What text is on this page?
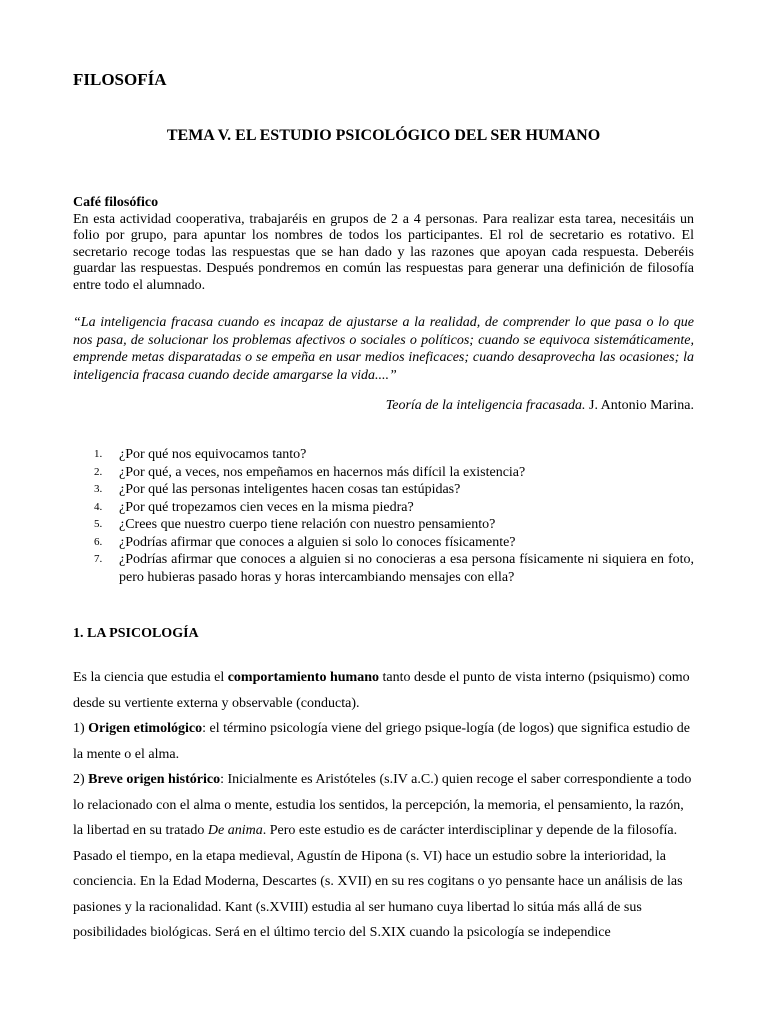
FILOSOFÍA
TEMA V. EL ESTUDIO PSICOLÓGICO DEL SER HUMANO
Café filosófico
En esta actividad cooperativa, trabajaréis en grupos de 2 a 4 personas. Para realizar esta tarea, necesitáis un folio por grupo, para apuntar los nombres de todos los participantes. El rol de secretario es rotativo. El secretario recoge todas las respuestas que se han dado y las razones que apoyan cada respuesta. Deberéis guardar las respuestas. Después pondremos en común las respuestas para generar una definición de filosofía entre todo el alumnado.

“La inteligencia fracasa cuando es incapaz de ajustarse a la realidad, de comprender lo que pasa o lo que nos pasa, de solucionar los problemas afectivos o sociales o políticos; cuando se equivoca sistemáticamente, emprende metas disparatadas o se empeña en usar medios ineficaces; cuando desaprovecha las ocasiones; la inteligencia fracasa cuando decide amargarse la vida....”

Teoría de la inteligencia fracasada. J. Antonio Marina.

1.	¿Por qué nos equivocamos tanto?
2.	¿Por qué, a veces, nos empeñamos en hacernos más difícil la existencia?
3.	¿Por qué las personas inteligentes hacen cosas tan estúpidas?
4.	¿Por qué tropezamos cien veces en la misma piedra?
5.	¿Crees que nuestro cuerpo tiene relación con nuestro pensamiento?
6.	¿Podrías afirmar que conoces a alguien si solo lo conoces físicamente?
7.	¿Podrías afirmar que conoces a alguien si no conocieras a esa persona físicamente ni siquiera en foto, pero hubieras pasado horas y horas intercambiando mensajes con ella?
1. LA PSICOLOGÍA

Es la ciencia que estudia el comportamiento humano tanto desde el punto de vista interno (psiquismo) como desde su vertiente externa y observable (conducta).

1) Origen etimológico: el término psicología viene del griego psique-logía (de logos) que significa estudio de la mente o el alma.

2) Breve origen histórico: Inicialmente es Aristóteles (s.IV a.C.) quien recoge el saber correspondiente a todo lo relacionado con el alma o mente, estudia los sentidos, la percepción, la memoria, el pensamiento, la razón, la libertad en su tratado De anima. Pero este estudio es de carácter interdisciplinar y depende de la filosofía. Pasado el tiempo, en la etapa medieval, Agustín de Hipona (s. VI) hace un estudio sobre la interioridad, la conciencia. En la Edad Moderna, Descartes (s. XVII) en su res cogitans o yo pensante hace un análisis de las pasiones y la racionalidad. Kant (s.XVIII) estudia al ser humano cuya libertad lo sitúa más allá de sus posibilidades biológicas. Será en el último tercio del S.XIX cuando la psicología se independice
